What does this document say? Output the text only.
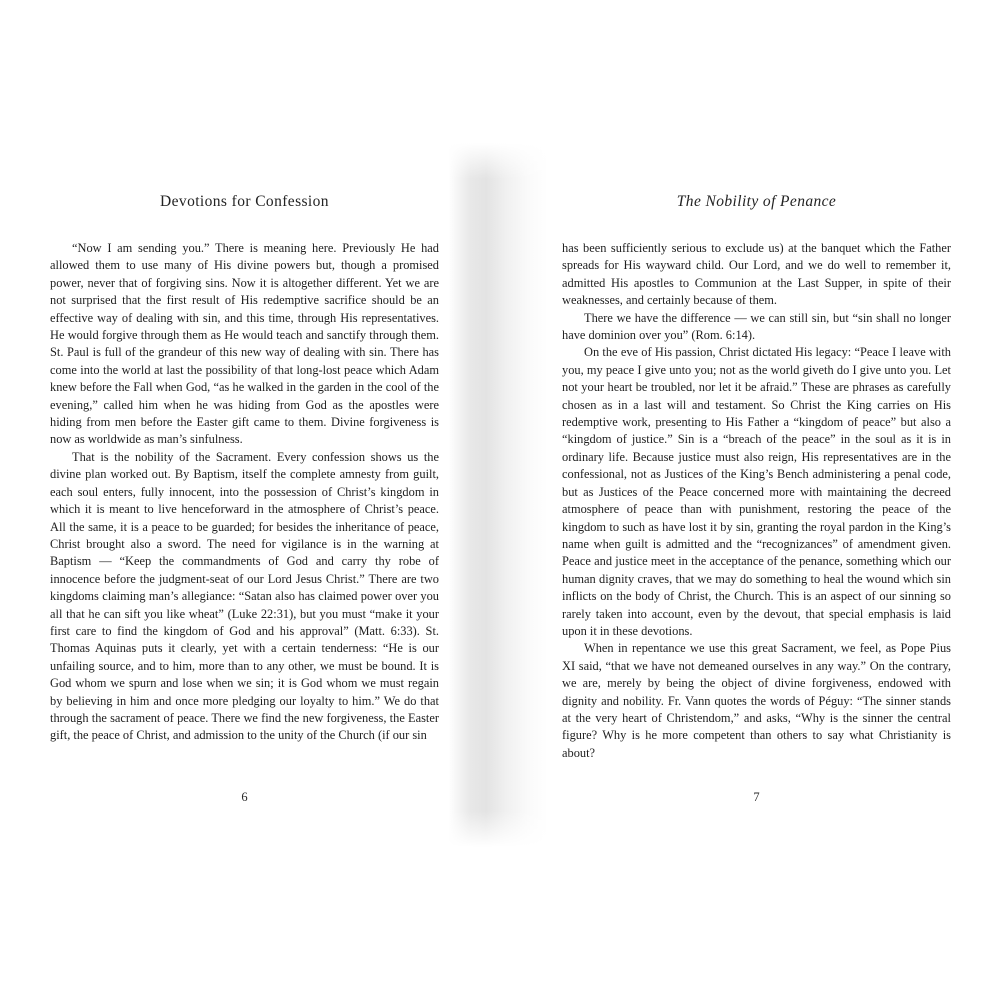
Devotions for Confession

“Now I am sending you.” There is meaning here. Previously He had allowed them to use many of His divine powers but, though a promised power, never that of forgiving sins. Now it is altogether different. Yet we are not surprised that the first result of His redemptive sacrifice should be an effective way of dealing with sin, and this time, through His representatives. He would forgive through them as He would teach and sanctify through them. St. Paul is full of the grandeur of this new way of dealing with sin. There has come into the world at last the possibility of that long-lost peace which Adam knew before the Fall when God, “as he walked in the garden in the cool of the evening,” called him when he was hiding from God as the apostles were hiding from men before the Easter gift came to them. Divine forgiveness is now as worldwide as man’s sinfulness.

That is the nobility of the Sacrament. Every confession shows us the divine plan worked out. By Baptism, itself the complete amnesty from guilt, each soul enters, fully innocent, into the possession of Christ’s kingdom in which it is meant to live henceforward in the atmosphere of Christ’s peace. All the same, it is a peace to be guarded; for besides the inheritance of peace, Christ brought also a sword. The need for vigilance is in the warning at Baptism — “Keep the commandments of God and carry thy robe of innocence before the judgment-seat of our Lord Jesus Christ.” There are two kingdoms claiming man’s allegiance: “Satan also has claimed power over you all that he can sift you like wheat” (Luke 22:31), but you must “make it your first care to find the kingdom of God and his approval” (Matt. 6:33). St. Thomas Aquinas puts it clearly, yet with a certain tenderness: “He is our unfailing source, and to him, more than to any other, we must be bound. It is God whom we spurn and lose when we sin; it is God whom we must regain by believing in him and once more pledging our loyalty to him.” We do that through the sacrament of peace. There we find the new forgiveness, the Easter gift, the peace of Christ, and admission to the unity of the Church (if our sin

6
The Nobility of Penance

has been sufficiently serious to exclude us) at the banquet which the Father spreads for His wayward child. Our Lord, and we do well to remember it, admitted His apostles to Communion at the Last Supper, in spite of their weaknesses, and certainly because of them.

There we have the difference — we can still sin, but “sin shall no longer have dominion over you” (Rom. 6:14).

On the eve of His passion, Christ dictated His legacy: “Peace I leave with you, my peace I give unto you; not as the world giveth do I give unto you. Let not your heart be troubled, nor let it be afraid.” These are phrases as carefully chosen as in a last will and testament. So Christ the King carries on His redemptive work, presenting to His Father a “kingdom of peace” but also a “kingdom of justice.” Sin is a “breach of the peace” in the soul as it is in ordinary life. Because justice must also reign, His representatives are in the confessional, not as Justices of the King’s Bench administering a penal code, but as Justices of the Peace concerned more with maintaining the decreed atmosphere of peace than with punishment, restoring the peace of the kingdom to such as have lost it by sin, granting the royal pardon in the King’s name when guilt is admitted and the “recognizances” of amendment given. Peace and justice meet in the acceptance of the penance, something which our human dignity craves, that we may do something to heal the wound which sin inflicts on the body of Christ, the Church. This is an aspect of our sinning so rarely taken into account, even by the devout, that special emphasis is laid upon it in these devotions.

When in repentance we use this great Sacrament, we feel, as Pope Pius XI said, “that we have not demeaned ourselves in any way.” On the contrary, we are, merely by being the object of divine forgiveness, endowed with dignity and nobility. Fr. Vann quotes the words of Péguy: “The sinner stands at the very heart of Christendom,” and asks, “Why is the sinner the central figure? Why is he more competent than others to say what Christianity is about?

7
